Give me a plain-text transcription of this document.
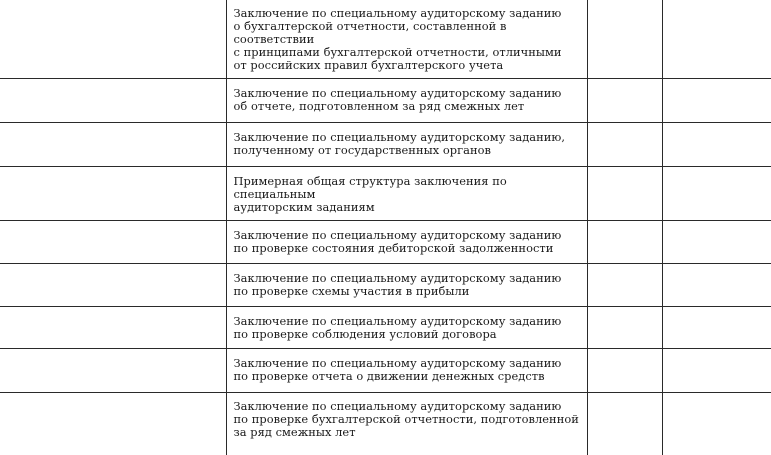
	Заключение по специальному аудиторскому заданию
о бухгалтерской отчетности, составленной в соответствии
с принципами бухгалтерской отчетности, отличными
от российских правил бухгалтерского учета		

	Заключение по специальному аудиторскому заданию
об отчете, подготовленном за ряд смежных лет		

	Заключение по специальному аудиторскому заданию,
полученному от государственных органов		

	Примерная общая структура заключения по специальным
аудиторским заданиям		

	Заключение по специальному аудиторскому заданию
по проверке состояния дебиторской задолженности		

	Заключение по специальному аудиторскому заданию
по проверке схемы участия в прибыли		

	Заключение по специальному аудиторскому заданию
по проверке соблюдения условий договора		

	Заключение по специальному аудиторскому заданию
по проверке отчета о движении денежных средств		

	Заключение по специальному аудиторскому заданию
по проверке бухгалтерской отчетности, подготовленной
за ряд смежных лет		
